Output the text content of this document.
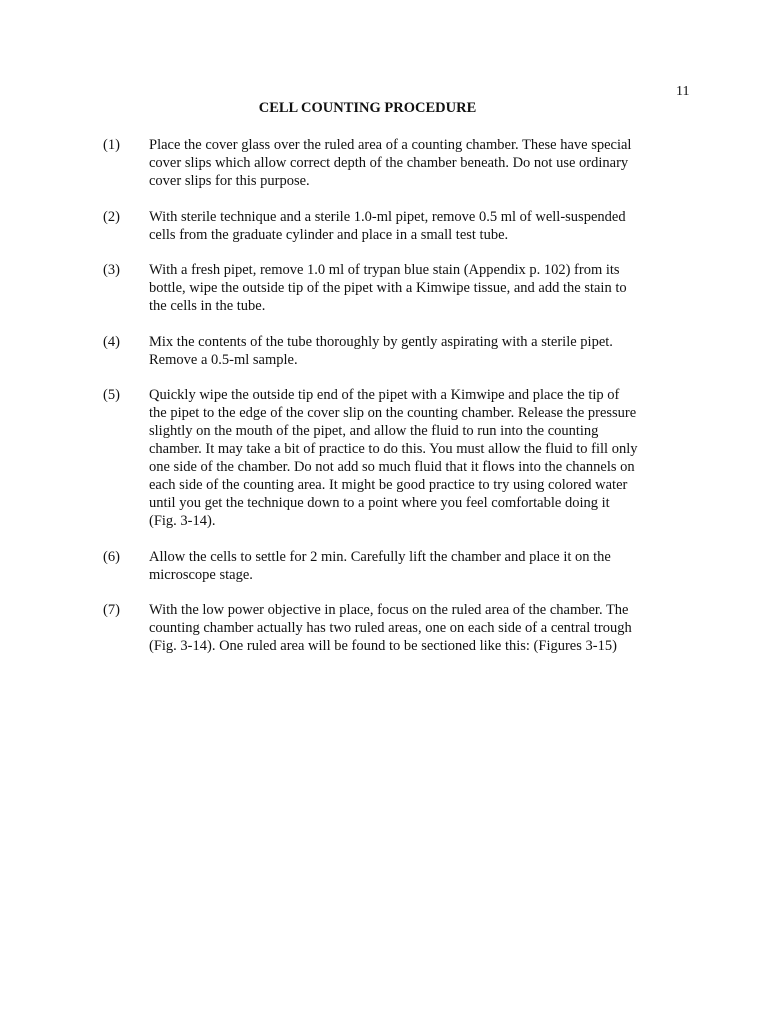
11
CELL COUNTING PROCEDURE
(1) Place the cover glass over the ruled area of a counting chamber. These have special cover slips which allow correct depth of the chamber beneath. Do not use ordinary cover slips for this purpose.
(2) With sterile technique and a sterile 1.0-ml pipet, remove 0.5 ml of well-suspended cells from the graduate cylinder and place in a small test tube.
(3) With a fresh pipet, remove 1.0 ml of trypan blue stain (Appendix p. 102) from its bottle, wipe the outside tip of the pipet with a Kimwipe tissue, and add the stain to the cells in the tube.
(4) Mix the contents of the tube thoroughly by gently aspirating with a sterile pipet. Remove a 0.5-ml sample.
(5) Quickly wipe the outside tip end of the pipet with a Kimwipe and place the tip of the pipet to the edge of the cover slip on the counting chamber. Release the pressure slightly on the mouth of the pipet, and allow the fluid to run into the counting chamber. It may take a bit of practice to do this. You must allow the fluid to fill only one side of the chamber. Do not add so much fluid that it flows into the channels on each side of the counting area. It might be good practice to try using colored water until you get the technique down to a point where you feel comfortable doing it (Fig. 3-14).
(6) Allow the cells to settle for 2 min. Carefully lift the chamber and place it on the microscope stage.
(7) With the low power objective in place, focus on the ruled area of the chamber. The counting chamber actually has two ruled areas, one on each side of a central trough (Fig. 3-14). One ruled area will be found to be sectioned like this: (Figures 3-15)
